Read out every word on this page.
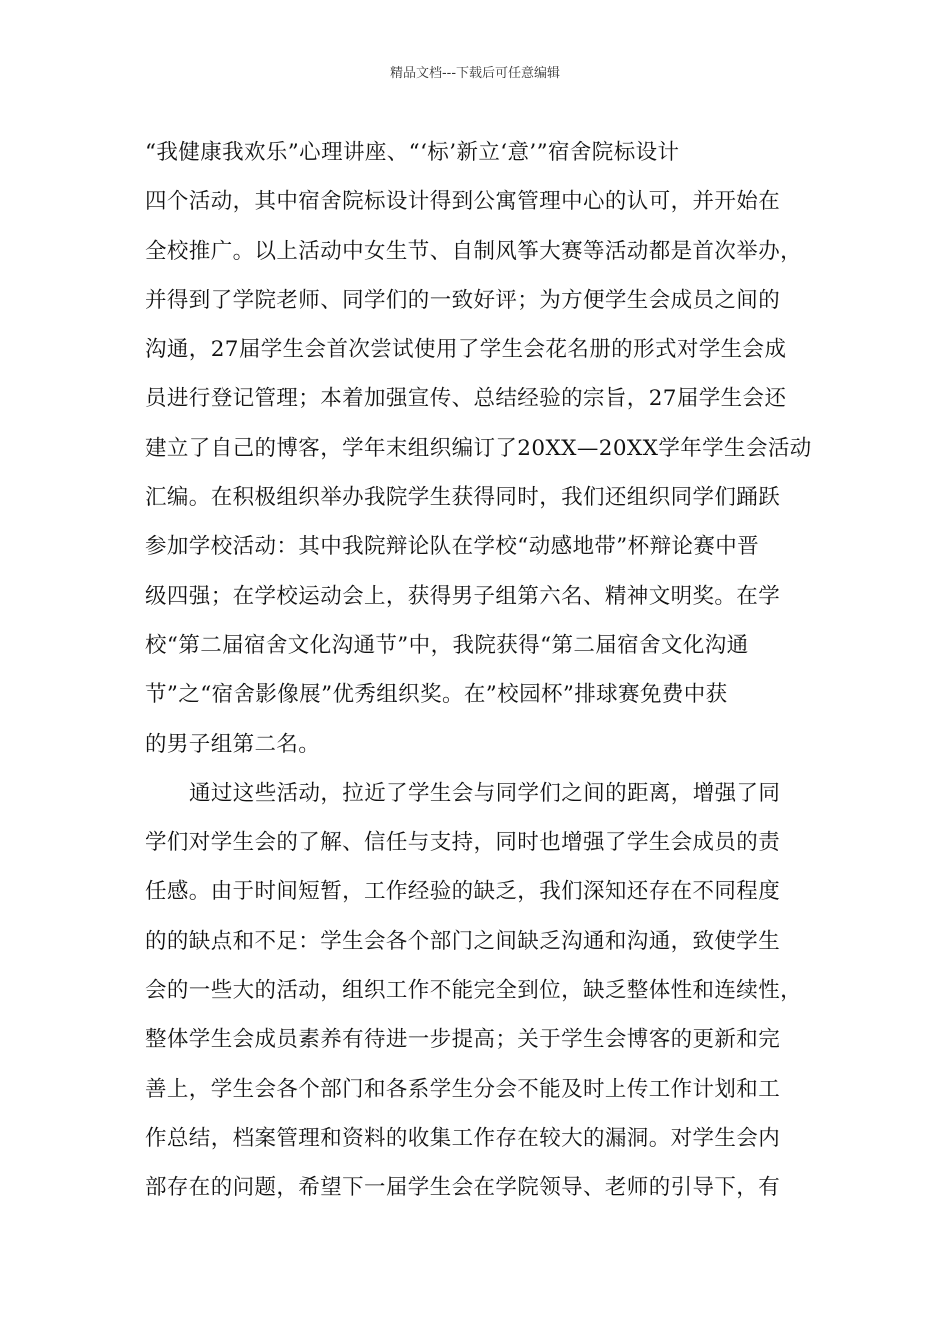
精品文档---下载后可任意编辑
“我健康我欢乐”心理讲座、“‘标’新立‘意’”宿舍院标设计
四个活动，其中宿舍院标设计得到公寓管理中心的认可，并开始在
全校推广。以上活动中女生节、自制风筝大赛等活动都是首次举办，
并得到了学院老师、同学们的一致好评；为方便学生会成员之间的
沟通，27届学生会首次尝试使用了学生会花名册的形式对学生会成
员进行登记管理；本着加强宣传、总结经验的宗旨，27届学生会还
建立了自己的博客，学年末组织编订了20XX—20XX学年学生会活动
汇编。在积极组织举办我院学生获得同时，我们还组织同学们踊跃
参加学校活动：其中我院辩论队在学校“动感地带”杯辩论赛中晋
级四强；在学校运动会上，获得男子组第六名、精神文明奖。在学
校“第二届宿舍文化沟通节”中，我院获得“第二届宿舍文化沟通
节”之“宿舍影像展”优秀组织奖。在”校园杯”排球赛免费中获
的男子组第二名。
通过这些活动，拉近了学生会与同学们之间的距离，增强了同
学们对学生会的了解、信任与支持，同时也增强了学生会成员的责
任感。由于时间短暂，工作经验的缺乏，我们深知还存在不同程度
的的缺点和不足：学生会各个部门之间缺乏沟通和沟通，致使学生
会的一些大的活动，组织工作不能完全到位，缺乏整体性和连续性，
整体学生会成员素养有待进一步提高；关于学生会博客的更新和完
善上，学生会各个部门和各系学生分会不能及时上传工作计划和工
作总结，档案管理和资料的收集工作存在较大的漏洞。对学生会内
部存在的问题，希望下一届学生会在学院领导、老师的引导下，有
